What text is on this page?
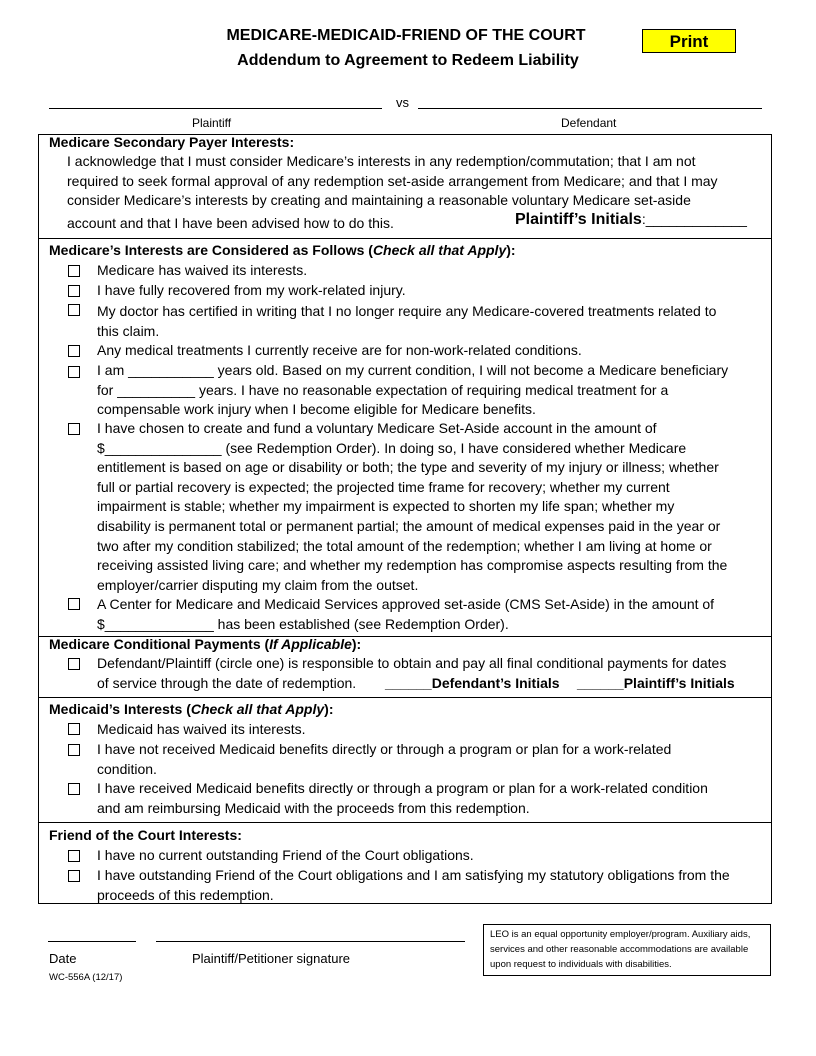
MEDICARE-MEDICAID-FRIEND OF THE COURT
Addendum to Agreement to Redeem Liability
Print
vs
Plaintiff	Defendant
Medicare Secondary Payer Interests:
I acknowledge that I must consider Medicare’s interests in any redemption/commutation; that I am not
required to seek formal approval of any redemption set-aside arrangement from Medicare; and that I may
consider Medicare’s interests by creating and maintaining a reasonable voluntary Medicare set-aside
account and that I have been advised how to do this.	Plaintiff’s Initials:_____________
Medicare’s Interests are Considered as Follows (Check all that Apply):
Medicare has waived its interests.
I have fully recovered from my work-related injury.
My doctor has certified in writing that I no longer require any Medicare-covered treatments related to
this claim.
Any medical treatments I currently receive are for non-work-related conditions.
I am ___________ years old. Based on my current condition, I will not become a Medicare beneficiary
for __________ years. I have no reasonable expectation of requiring medical treatment for a
compensable work injury when I become eligible for Medicare benefits.
I have chosen to create and fund a voluntary Medicare Set-Aside account in the amount of
$_______________ (see Redemption Order). In doing so, I have considered whether Medicare
entitlement is based on age or disability or both; the type and severity of my injury or illness; whether
full or partial recovery is expected; the projected time frame for recovery; whether my current
impairment is stable; whether my impairment is expected to shorten my life span; whether my
disability is permanent total or permanent partial; the amount of medical expenses paid in the year or
two after my condition stabilized; the total amount of the redemption; whether I am living at home or
receiving assisted living care; and whether my redemption has compromise aspects resulting from the
employer/carrier disputing my claim from the outset.
A Center for Medicare and Medicaid Services approved set-aside (CMS Set-Aside) in the amount of
$______________ has been established (see Redemption Order).
Medicare Conditional Payments (If Applicable):
Defendant/Plaintiff (circle one) is responsible to obtain and pay all final conditional payments for dates
of service through the date of redemption. ______Defendant’s Initials ______Plaintiff’s Initials
Medicaid’s Interests (Check all that Apply):
Medicaid has waived its interests.
I have not received Medicaid benefits directly or through a program or plan for a work-related
condition.
I have received Medicaid benefits directly or through a program or plan for a work-related condition
and am reimbursing Medicaid with the proceeds from this redemption.
Friend of the Court Interests:
I have no current outstanding Friend of the Court obligations.
I have outstanding Friend of the Court obligations and I am satisfying my statutory obligations from the
proceeds of this redemption.
Date	Plaintiff/Petitioner signature
WC-556A (12/17)
LEO is an equal opportunity employer/program. Auxiliary aids,
services and other reasonable accommodations are available
upon request to individuals with disabilities.
